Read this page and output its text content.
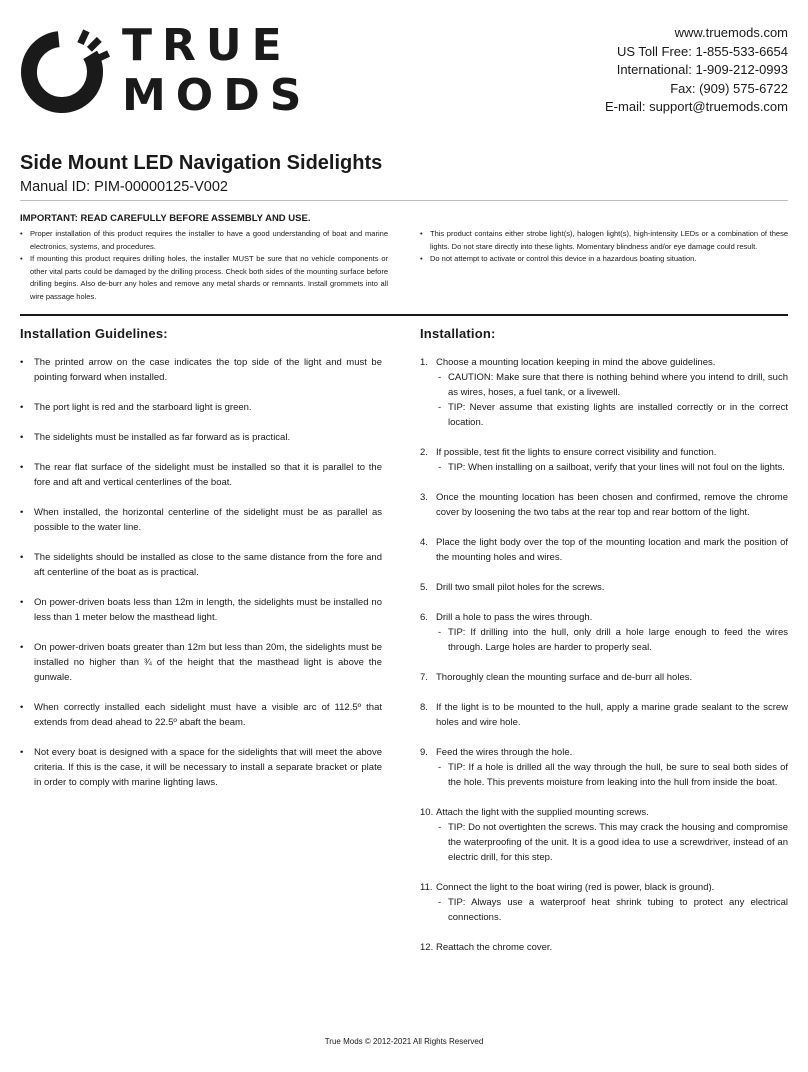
TRUE
MODS
www.truemods.com
US Toll Free: 1-855-533-6654
International: 1-909-212-0993
Fax: (909) 575-6722
E-mail: support@truemods.com
Side Mount LED Navigation Sidelights
Manual ID: PIM-00000125-V002
IMPORTANT: READ CAREFULLY BEFORE ASSEMBLY AND USE.
• Proper installation of this product requires the installer to have a good understanding of boat and marine electronics, systems, and procedures.
• If mounting this product requires drilling holes, the installer MUST be sure that no vehicle components or other vital parts could be damaged by the drilling process. Check both sides of the mounting surface before drilling begins. Also de-burr any holes and remove any metal shards or remnants. Install grommets into all wire passage holes.
• This product contains either strobe light(s), halogen light(s), high-intensity LEDs or a combination of these lights. Do not stare directly into these lights. Momentary blindness and/or eye damage could result.
• Do not attempt to activate or control this device in a hazardous boating situation.
Installation Guidelines:
• The printed arrow on the case indicates the top side of the light and must be pointing forward when installed.
• The port light is red and the starboard light is green.
• The sidelights must be installed as far forward as is practical.
• The rear flat surface of the sidelight must be installed so that it is parallel to the fore and aft and vertical centerlines of the boat.
• When installed, the horizontal centerline of the sidelight must be as parallel as possible to the water line.
• The sidelights should be installed as close to the same distance from the fore and aft centerline of the boat as is practical.
• On power-driven boats less than 12m in length, the sidelights must be installed no less than 1 meter below the masthead light.
• On power-driven boats greater than 12m but less than 20m, the sidelights must be installed no higher than ¾ of the height that the masthead light is above the gunwale.
• When correctly installed each sidelight must have a visible arc of 112.5º that extends from dead ahead to 22.5º abaft the beam.
• Not every boat is designed with a space for the sidelights that will meet the above criteria. If this is the case, it will be necessary to install a separate bracket or plate in order to comply with marine lighting laws.
Installation:
1. Choose a mounting location keeping in mind the above guidelines.
- CAUTION: Make sure that there is nothing behind where you intend to drill, such as wires, hoses, a fuel tank, or a livewell.
- TIP: Never assume that existing lights are installed correctly or in the correct location.
2. If possible, test fit the lights to ensure correct visibility and function.
- TIP: When installing on a sailboat, verify that your lines will not foul on the lights.
3. Once the mounting location has been chosen and confirmed, remove the chrome cover by loosening the two tabs at the rear top and rear bottom of the light.
4. Place the light body over the top of the mounting location and mark the position of the mounting holes and wires.
5. Drill two small pilot holes for the screws.
6. Drill a hole to pass the wires through.
- TIP: If drilling into the hull, only drill a hole large enough to feed the wires through. Large holes are harder to properly seal.
7. Thoroughly clean the mounting surface and de-burr all holes.
8. If the light is to be mounted to the hull, apply a marine grade sealant to the screw holes and wire hole.
9. Feed the wires through the hole.
- TIP: If a hole is drilled all the way through the hull, be sure to seal both sides of the hole. This prevents moisture from leaking into the hull from inside the boat.
10. Attach the light with the supplied mounting screws.
- TIP: Do not overtighten the screws. This may crack the housing and compromise the waterproofing of the unit. It is a good idea to use a screwdriver, instead of an electric drill, for this step.
11. Connect the light to the boat wiring (red is power, black is ground).
- TIP: Always use a waterproof heat shrink tubing to protect any electrical connections.
12. Reattach the chrome cover.
True Mods © 2012-2021 All Rights Reserved
